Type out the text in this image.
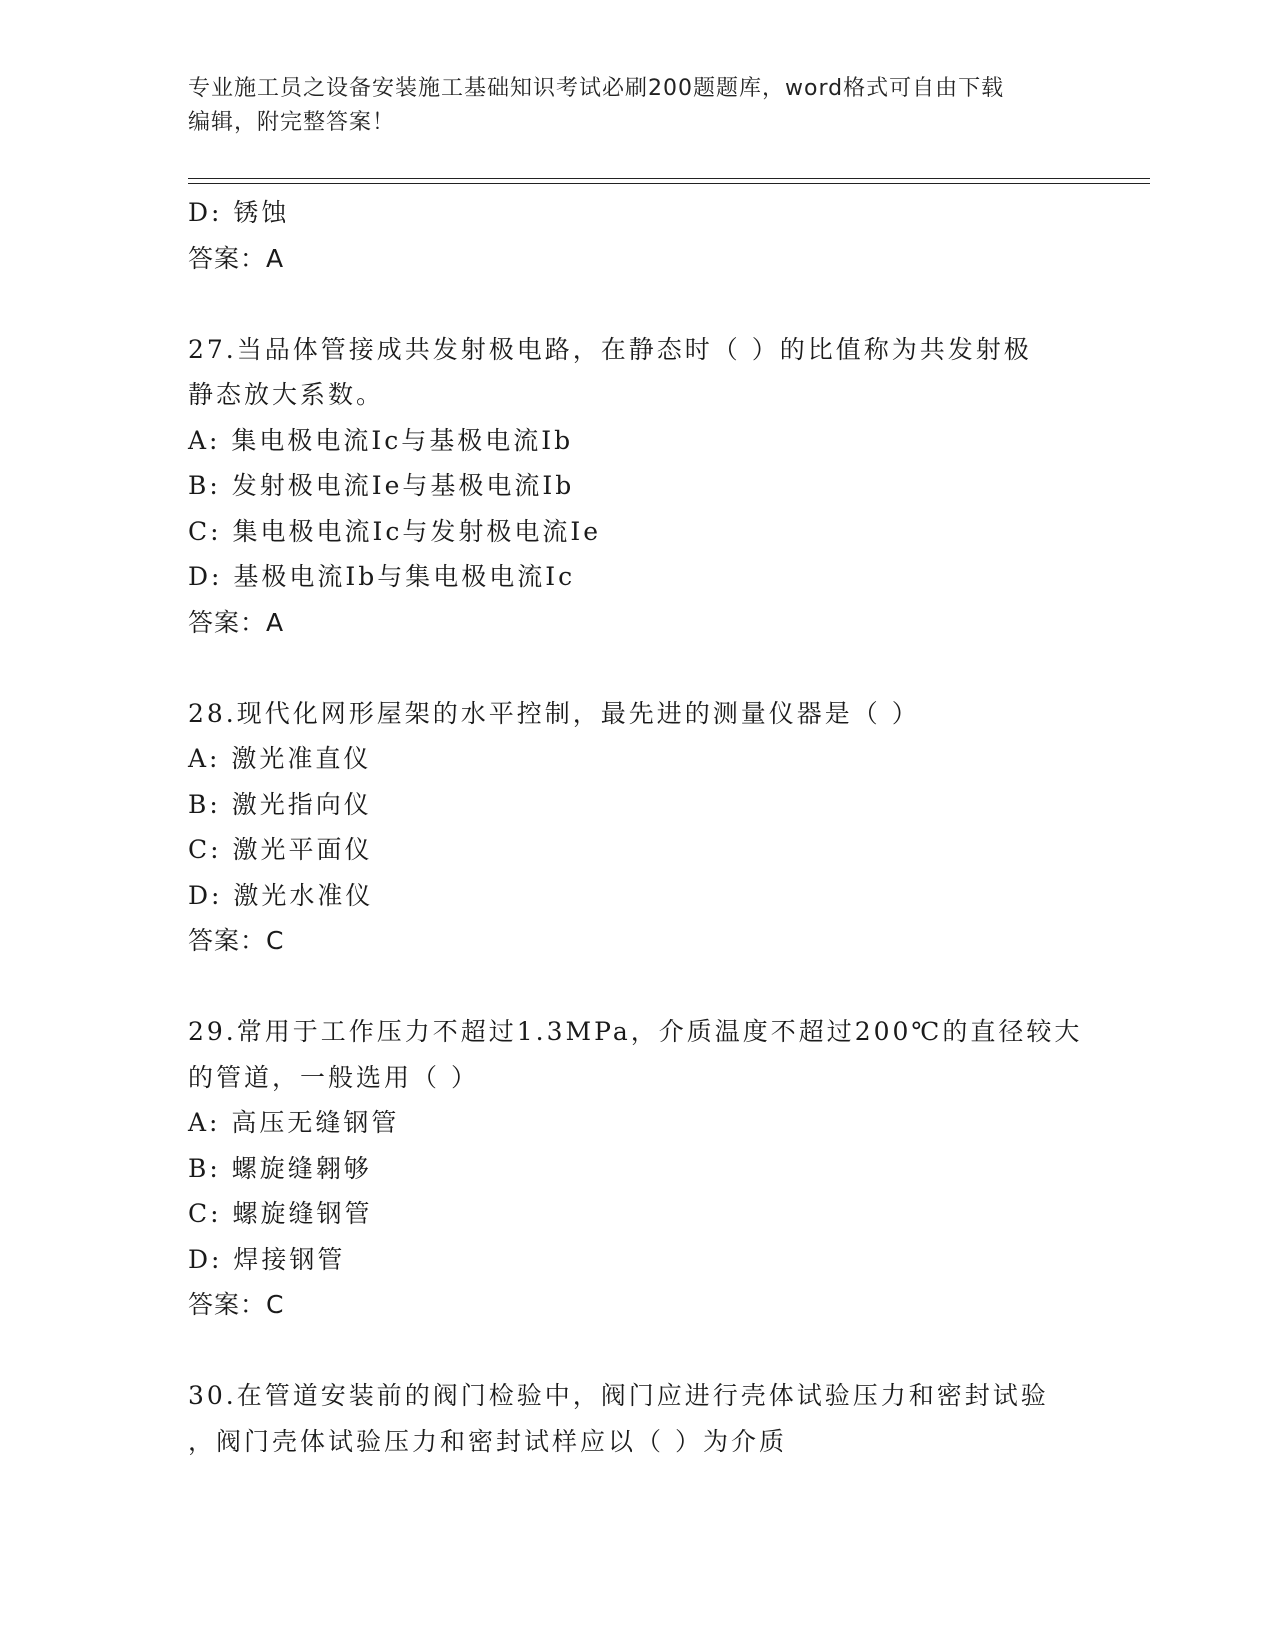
专业施工员之设备安装施工基础知识考试必刷200题题库，word格式可自由下载
编辑，附完整答案！
D: 锈蚀
答案：A
27.当品体管接成共发射极电路，在静态时（ ）的比值称为共发射极
静态放大系数。
A: 集电极电流Ic与基极电流Ib
B: 发射极电流Ie与基极电流Ib
C: 集电极电流Ic与发射极电流Ie
D: 基极电流Ib与集电极电流Ic
答案：A
28.现代化网形屋架的水平控制，最先进的测量仪器是（ ）
A: 激光准直仪
B: 激光指向仪
C: 激光平面仪
D: 激光水准仪
答案：C
29.常用于工作压力不超过1.3MPa，介质温度不超过200℃的直径较大
的管道，一般选用（ ）
A: 高压无缝钢管
B: 螺旋缝翱够
C: 螺旋缝钢管
D: 焊接钢管
答案：C
30.在管道安装前的阀门检验中，阀门应进行壳体试验压力和密封试验
，阀门壳体试验压力和密封试样应以（ ）为介质
